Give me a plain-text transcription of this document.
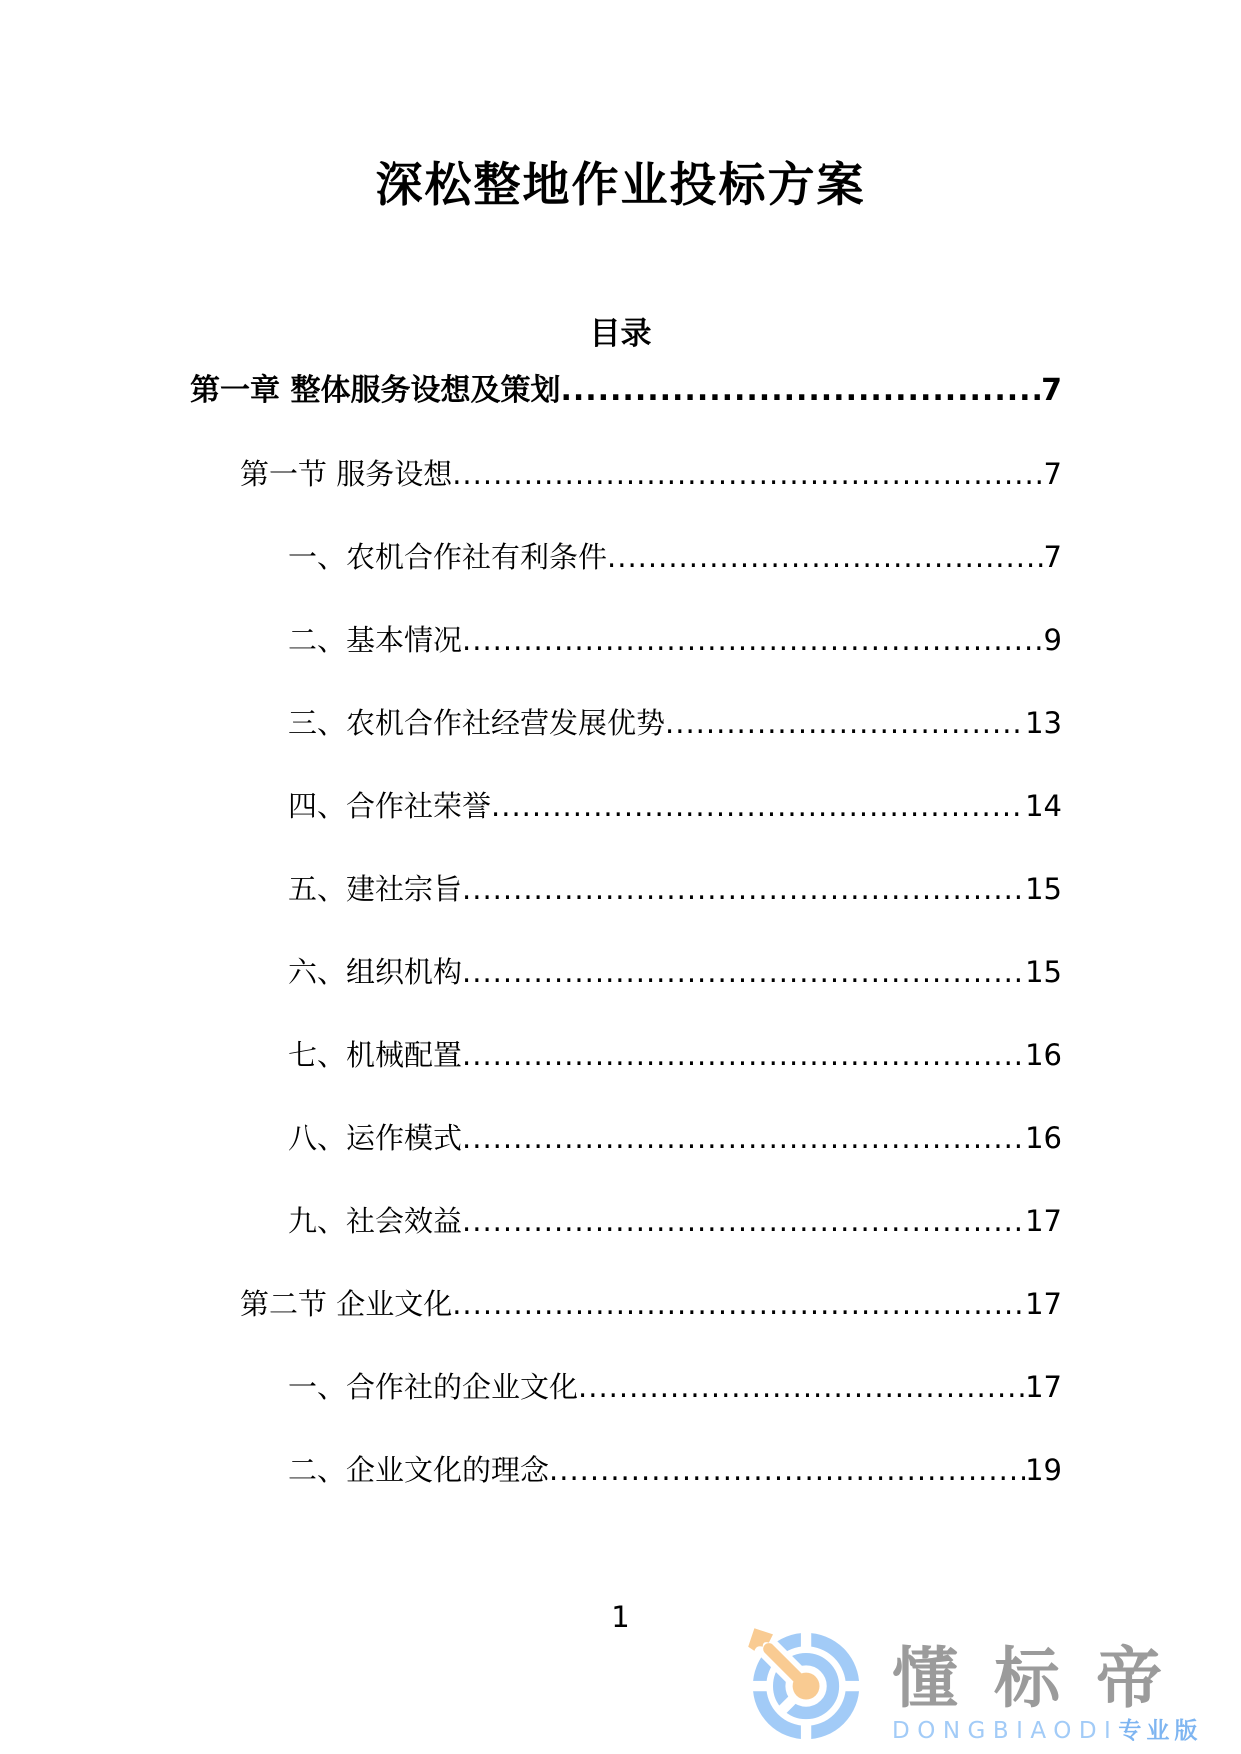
深松整地作业投标方案
目录
第一章 整体服务设想及策划 .....	7
第一节 服务设想 .....	7
一、农机合作社有利条件 .....	7
二、基本情况 .....	9
三、农机合作社经营发展优势 .....	13
四、合作社荣誉 .....	14
五、建社宗旨 .....	15
六、组织机构 .....	15
七、机械配置 .....	16
八、运作模式 .....	16
九、社会效益 .....	17
第二节 企业文化 .....	17
一、合作社的企业文化 .....	17
二、企业文化的理念 .....	19
1
懂标帝
DONGBIAODI专业版
